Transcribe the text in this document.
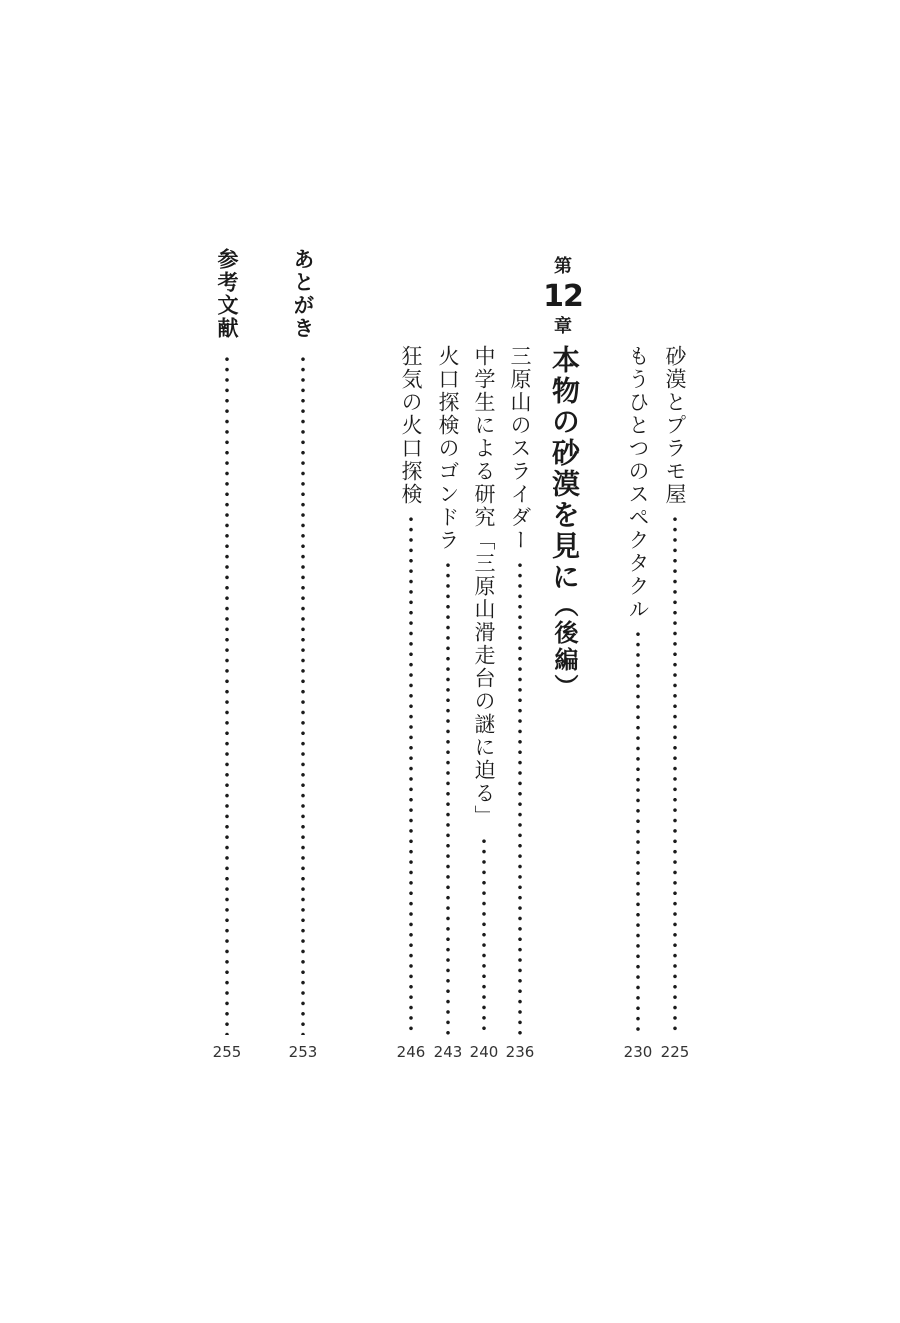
第
12
章
本物の砂漠を見に（後編）
砂漠とプラモ屋
225
もうひとつのスペクタクル
230
三原山のスライダー
236
中学生による研究「三原山滑走台の謎に迫る」
240
火口探検のゴンドラ
243
狂気の火口探検
246
あとがき
253
参考文献
255
